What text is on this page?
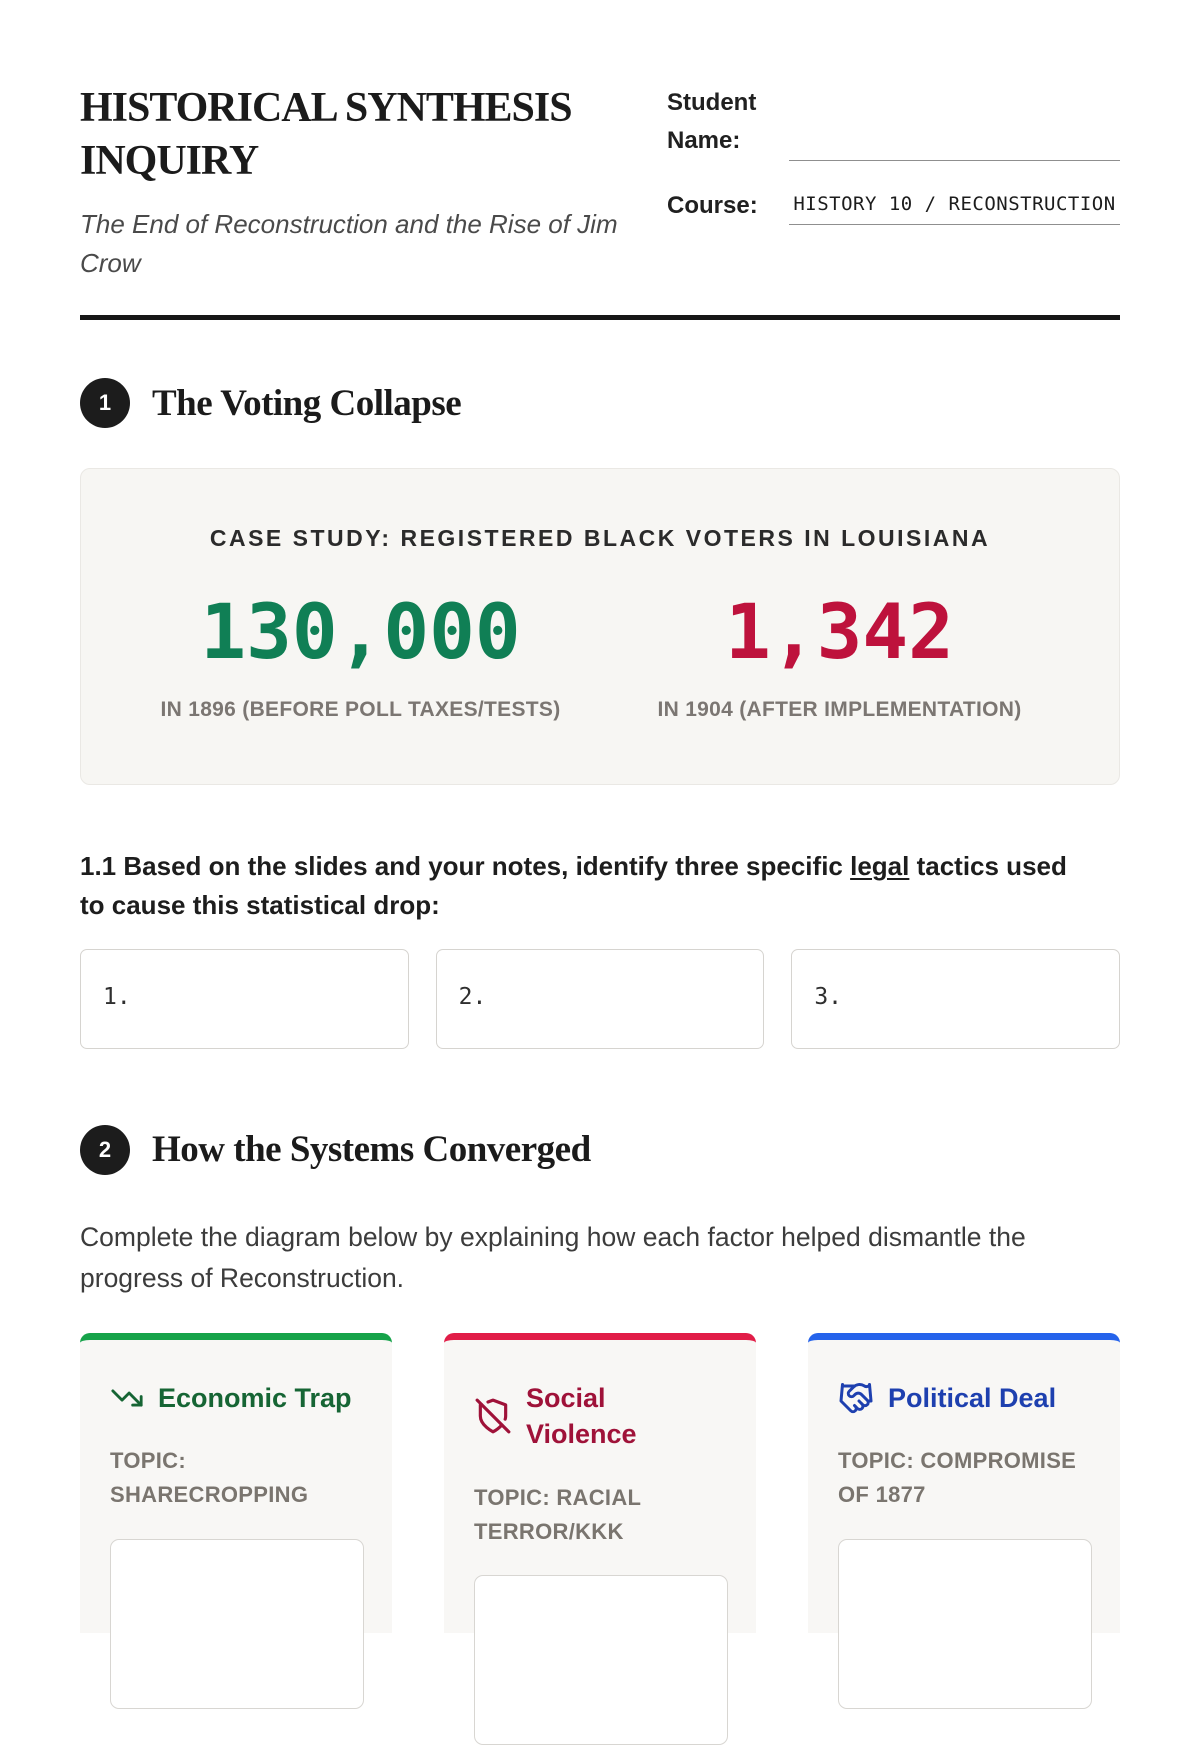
HISTORICAL SYNTHESIS INQUIRY
The End of Reconstruction and the Rise of Jim Crow
Student Name:
Course:	HISTORY 10 / RECONSTRUCTION
1	The Voting Collapse
CASE STUDY: REGISTERED BLACK VOTERS IN LOUISIANA
130,000
IN 1896 (BEFORE POLL TAXES/TESTS)
1,342
IN 1904 (AFTER IMPLEMENTATION)
1.1 Based on the slides and your notes, identify three specific legal tactics used to cause this statistical drop:
1.	2.	3.
2	How the Systems Converged
Complete the diagram below by explaining how each factor helped dismantle the progress of Reconstruction.
Economic Trap
TOPIC: SHARECROPPING
Social Violence
TOPIC: RACIAL TERROR/KKK
Political Deal
TOPIC: COMPROMISE OF 1877
